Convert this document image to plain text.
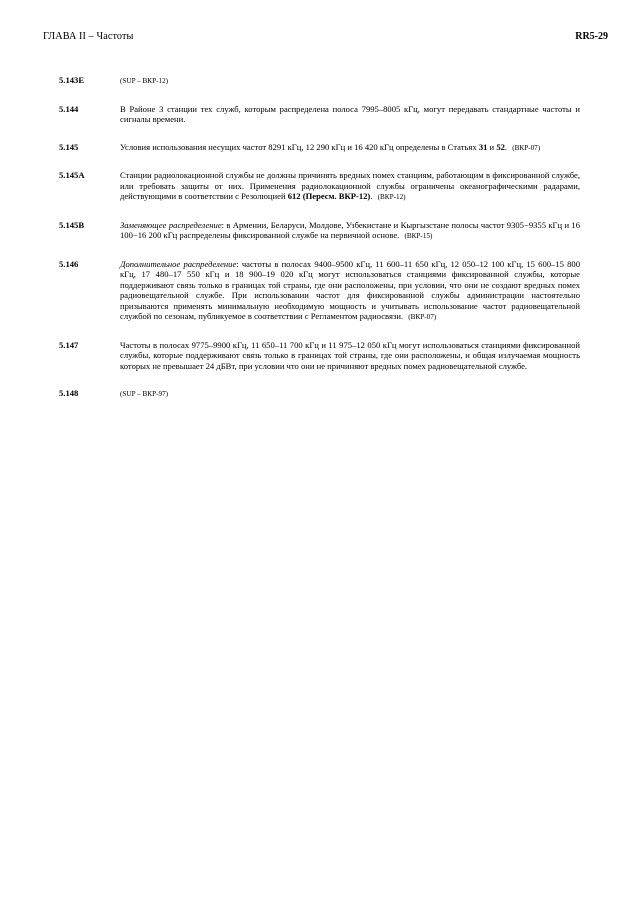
ГЛАВА II – Частоты	RR5-29
5.143E	(SUP – ВКР-12)
5.144	В Районе 3 станции тех служб, которым распределена полоса 7995–8005 кГц, могут передавать стандартные частоты и сигналы времени.
5.145	Условия использования несущих частот 8291 кГц, 12 290 кГц и 16 420 кГц определены в Статьях 31 и 52. (ВКР-07)
5.145A	Станции радиолокационной службы не должны причинять вредных помех станциям, работающим в фиксированной службе, или требовать защиты от них. Применения радиолокационной службы ограничены океанографическими радарами, действующими в соответствии с Резолюцией 612 (Пересм. ВКР-12). (ВКР-12)
5.145B	Заменяющее распределение: в Армении, Беларуси, Молдове, Узбекистане и Кыргызстане полосы частот 9305−9355 кГц и 16 100−16 200 кГц распределены фиксированной службе на первичной основе. (ВКР-15)
5.146	Дополнительное распределение: частоты в полосах 9400–9500 кГц, 11 600–11 650 кГц, 12 050–12 100 кГц, 15 600–15 800 кГц, 17 480–17 550 кГц и 18 900–19 020 кГц могут использоваться станциями фиксированной службы, которые поддерживают связь только в границах той страны, где они расположены, при условии, что они не создают вредных помех радиовещательной службе. При использовании частот для фиксированной службы администрации настоятельно призываются применять минимальную необходимую мощность и учитывать использование частот радиовещательной службой по сезонам, публикуемое в соответствии с Регламентом радиосвязи. (ВКР-07)
5.147	Частоты в полосах 9775–9900 кГц, 11 650–11 700 кГц и 11 975–12 050 кГц могут использоваться станциями фиксированной службы, которые поддерживают связь только в границах той страны, где они расположены, и общая излучаемая мощность которых не превышает 24 дБВт, при условии что они не причиняют вредных помех радиовещательной службе.
5.148	(SUP – ВКР-97)
